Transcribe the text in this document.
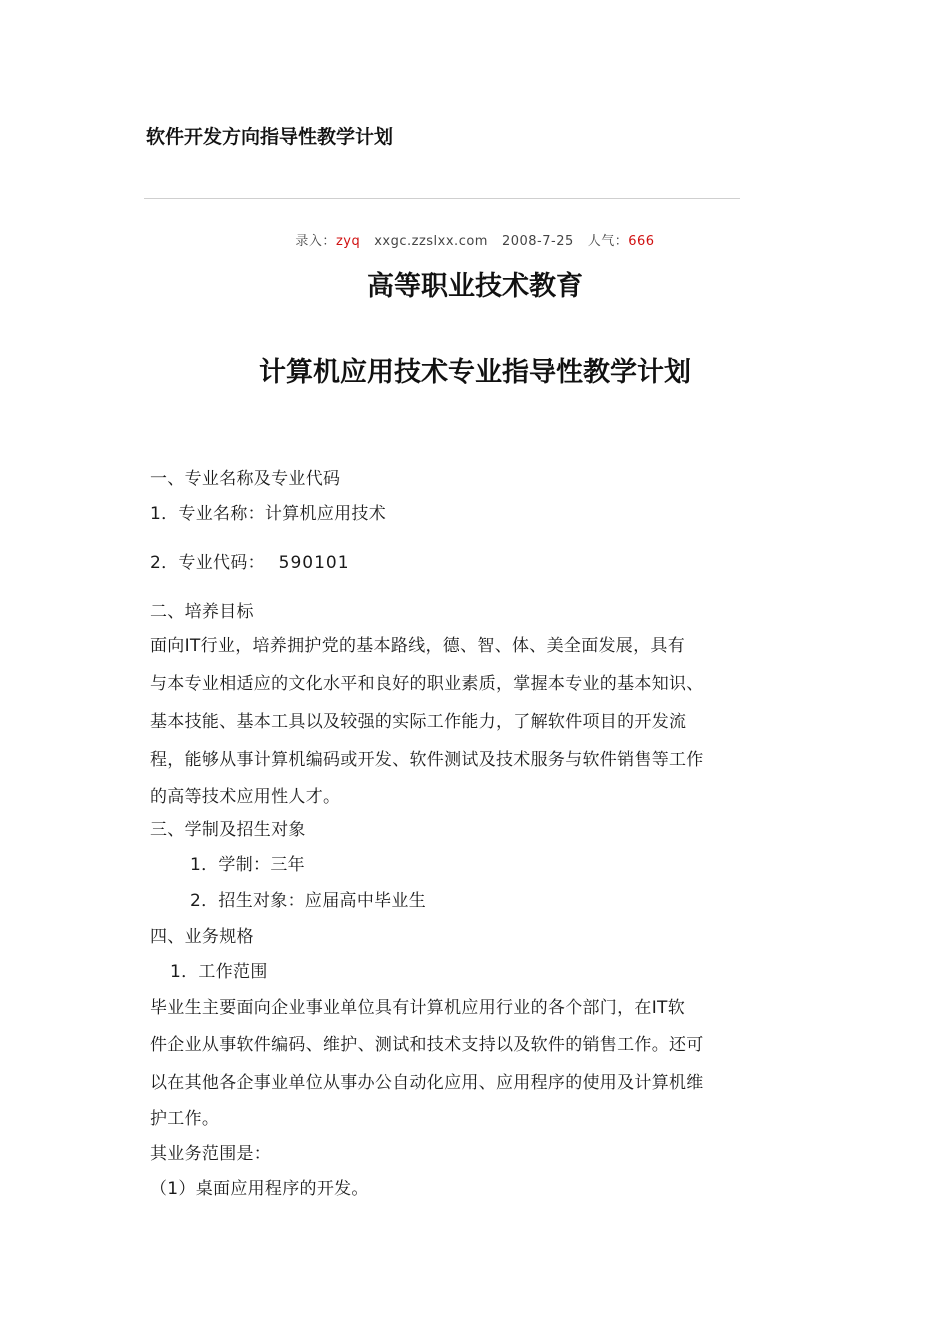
软件开发方向指导性教学计划
录入：zyq xxgc.zzslxx.com 2008-7-25 人气：666
高等职业技术教育
计算机应用技术专业指导性教学计划
一、专业名称及专业代码
1．专业名称：计算机应用技术
2．专业代码： 590101
二、培养目标
面向IT行业，培养拥护党的基本路线，德、智、体、美全面发展，具有
与本专业相适应的文化水平和良好的职业素质，掌握本专业的基本知识、
基本技能、基本工具以及较强的实际工作能力，了解软件项目的开发流
程，能够从事计算机编码或开发、软件测试及技术服务与软件销售等工作
的高等技术应用性人才。
三、学制及招生对象
1．学制：三年
2．招生对象：应届高中毕业生
四、业务规格
1．工作范围
毕业生主要面向企业事业单位具有计算机应用行业的各个部门，在IT软
件企业从事软件编码、维护、测试和技术支持以及软件的销售工作。还可
以在其他各企事业单位从事办公自动化应用、应用程序的使用及计算机维
护工作。
其业务范围是：
（1）桌面应用程序的开发。
